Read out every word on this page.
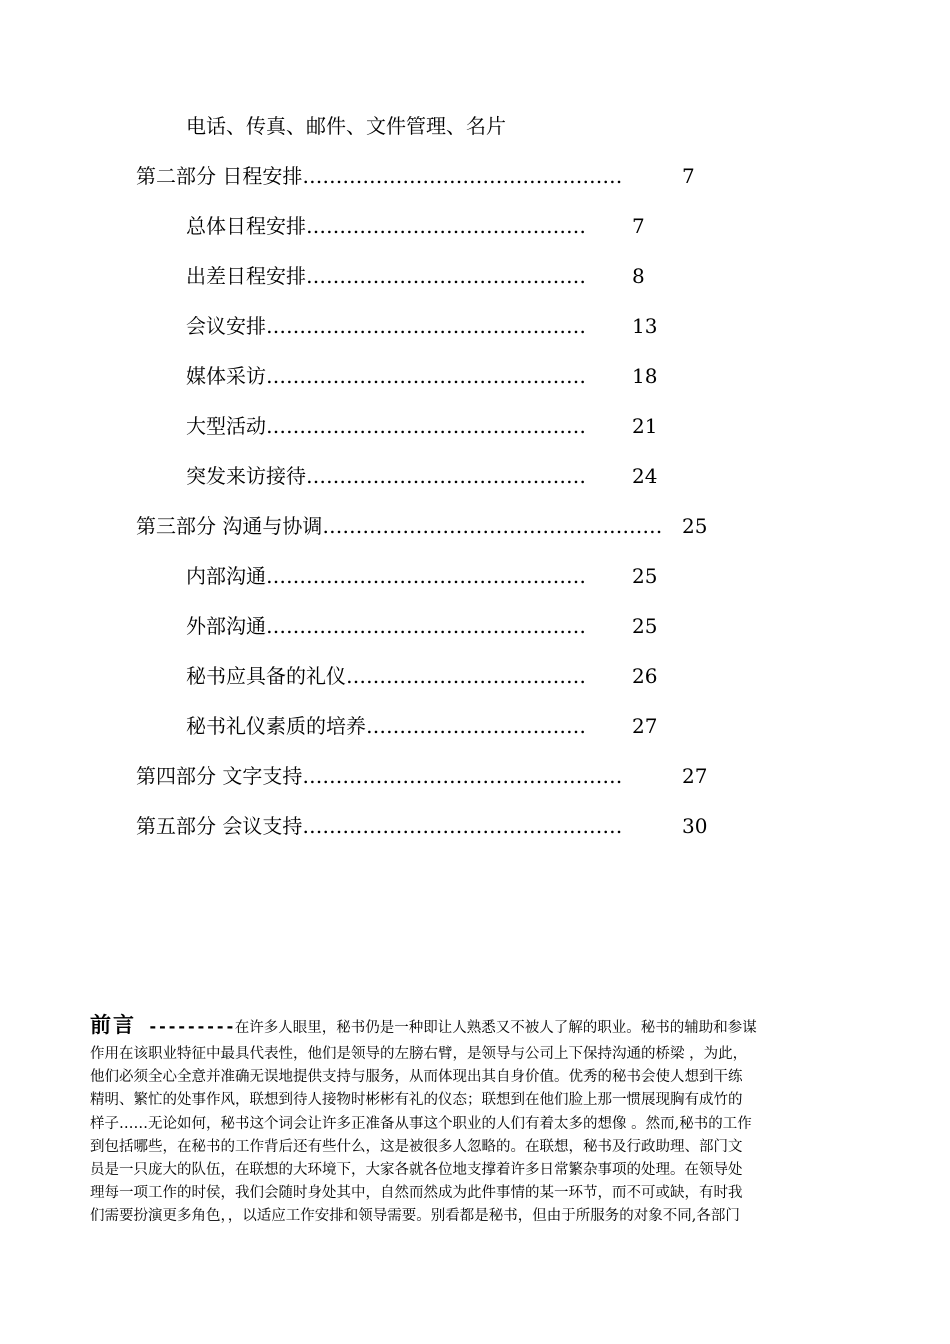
电话、传真、邮件、文件管理、名片
第二部分 日程安排…………………………………………	7
总体日程安排…………………………………… 7
出差日程安排…………………………………… 8
会议安排………………………………………… 13
媒体采访………………………………………… 18
大型活动………………………………………… 21
突发来访接待…………………………………… 24
第三部分 沟通与协调…………………………………………… 25
内部沟通………………………………………… 25
外部沟通………………………………………… 25
秘书应具备的礼仪……………………………… 26
秘书礼仪素质的培养…………………………… 27
第四部分 文字支持…………………………………………	27
第五部分 会议支持…………………………………………	30
前言 ---------在许多人眼里，秘书仍是一种即让人熟悉又不被人了解的职业。秘书的辅助和参谋
作用在该职业特征中最具代表性，他们是领导的左膀右臂，是领导与公司上下保持沟通的桥梁 ，为此，
他们必须全心全意并准确无误地提供支持与服务，从而体现出其自身价值。优秀的秘书会使人想到干练
精明、繁忙的处事作风，联想到待人接物时彬彬有礼的仪态；联想到在他们脸上那一惯展现胸有成竹的
样子……无论如何，秘书这个词会让许多正准备从事这个职业的人们有着太多的想像 。然而,秘书的工作
到包括哪些，在秘书的工作背后还有些什么，这是被很多人忽略的。在联想，秘书及行政助理、部门文
员是一只庞大的队伍，在联想的大环境下，大家各就各位地支撑着许多日常繁杂事项的处理。在领导处
理每一项工作的时侯，我们会随时身处其中，自然而然成为此件事情的某一环节，而不可或缺，有时我
们需要扮演更多角色，，以适应工作安排和领导需要。别看都是秘书，但由于所服务的对象不同,各部门
